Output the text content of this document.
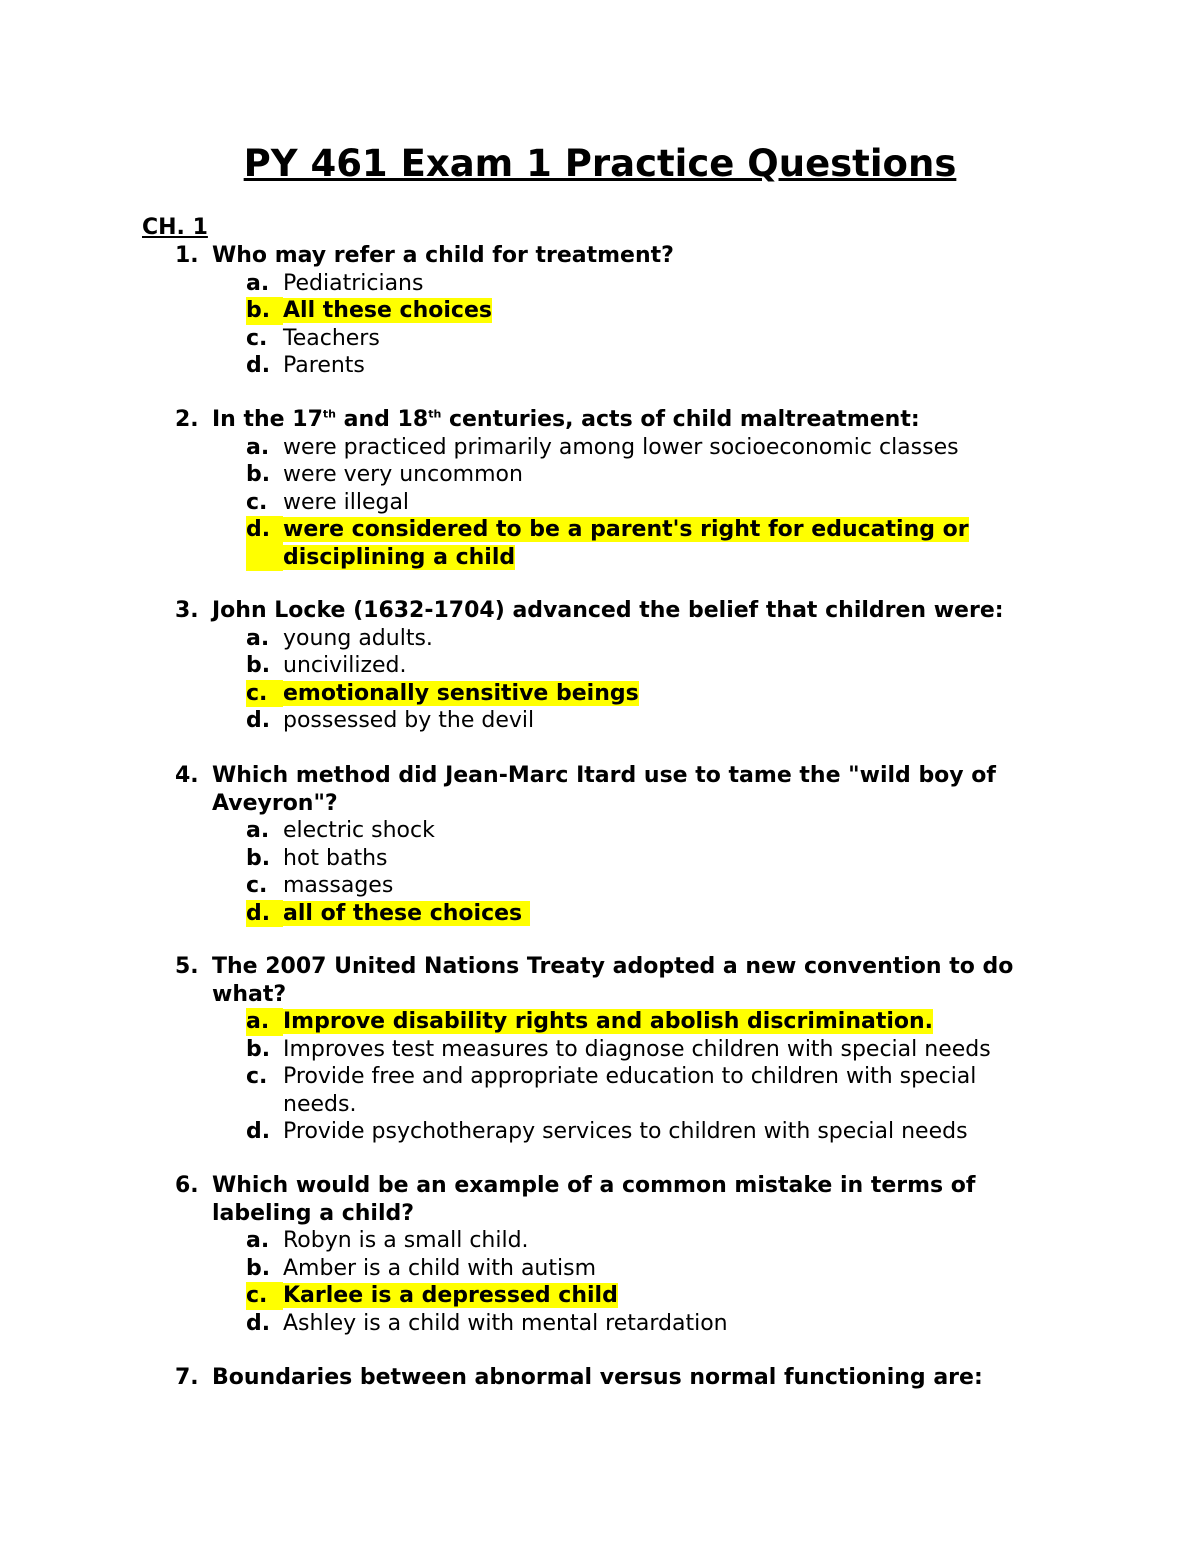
PY 461 Exam 1 Practice Questions
CH. 1
1. Who may refer a child for treatment?
a. Pediatricians
b. All these choices
c. Teachers
d. Parents
2. In the 17th and 18th centuries, acts of child maltreatment:
a. were practiced primarily among lower socioeconomic classes
b. were very uncommon
c. were illegal
d. were considered to be a parent's right for educating or disciplining a child
3. John Locke (1632-1704) advanced the belief that children were:
a. young adults.
b. uncivilized.
c. emotionally sensitive beings
d. possessed by the devil
4. Which method did Jean-Marc Itard use to tame the "wild boy of Aveyron"?
a. electric shock
b. hot baths
c. massages
d. all of these choices
5. The 2007 United Nations Treaty adopted a new convention to do what?
a. Improve disability rights and abolish discrimination.
b. Improves test measures to diagnose children with special needs
c. Provide free and appropriate education to children with special needs.
d. Provide psychotherapy services to children with special needs
6. Which would be an example of a common mistake in terms of labeling a child?
a. Robyn is a small child.
b. Amber is a child with autism
c. Karlee is a depressed child
d. Ashley is a child with mental retardation
7. Boundaries between abnormal versus normal functioning are:
